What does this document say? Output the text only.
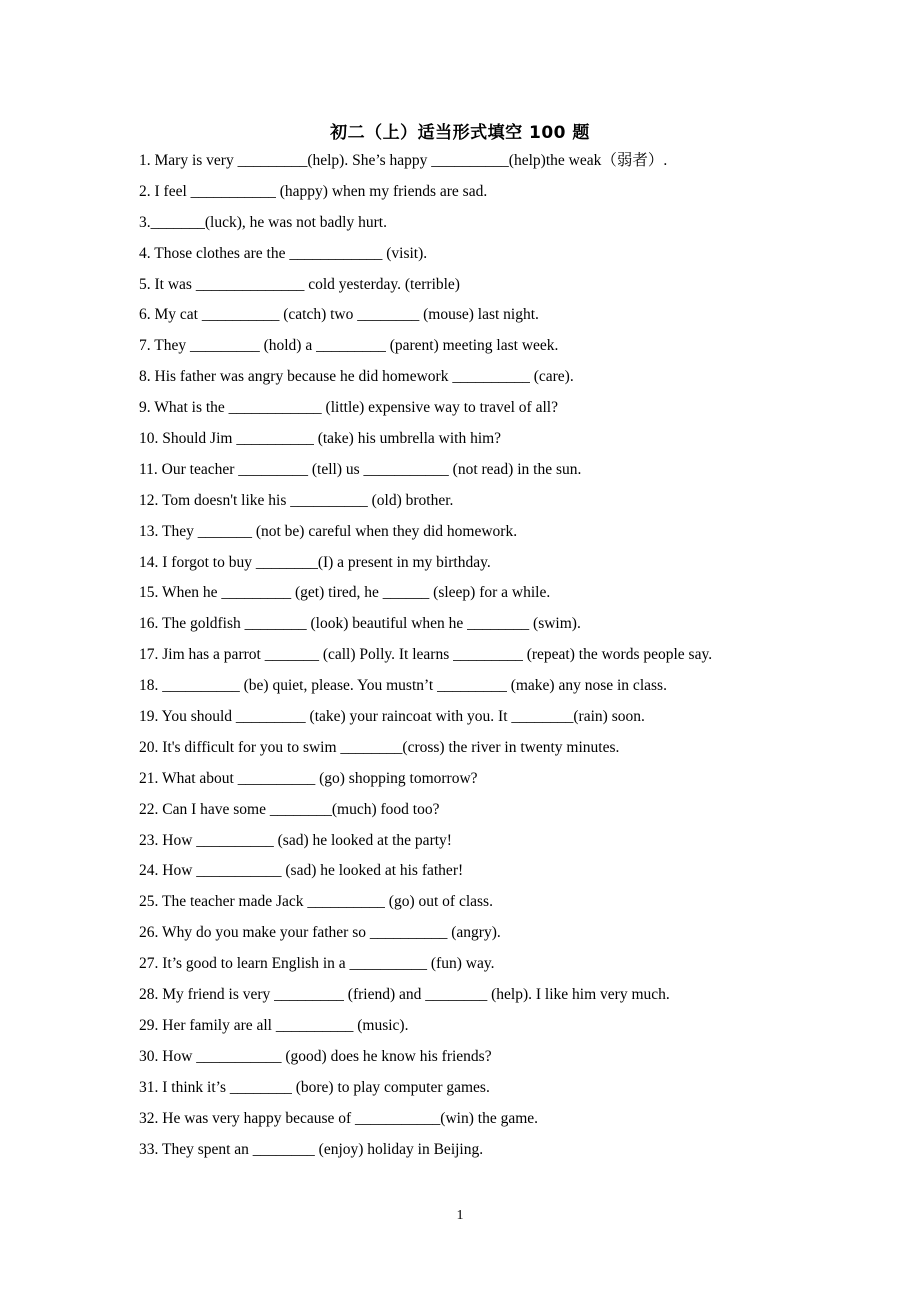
初二（上）适当形式填空 100 题
1. Mary is very _________(help). She’s happy __________(help)the weak（弱者）.
2. I feel ___________ (happy) when my friends are sad.
3._______(luck), he was not badly hurt.
4. Those clothes are the ____________ (visit).
5. It was ______________ cold yesterday. (terrible)
6. My cat __________ (catch) two ________ (mouse) last night.
7. They _________ (hold) a _________ (parent) meeting last week.
8. His father was angry because he did homework __________ (care).
9. What is the ____________ (little) expensive way to travel of all?
10. Should Jim __________ (take) his umbrella with him?
11. Our teacher _________ (tell) us ___________ (not read) in the sun.
12. Tom doesn't like his __________ (old) brother.
13. They _______ (not be) careful when they did homework.
14. I forgot to buy ________(I) a present in my birthday.
15. When he _________ (get) tired, he ______ (sleep) for a while.
16. The goldfish ________ (look) beautiful when he ________ (swim).
17. Jim has a parrot _______ (call) Polly. It learns _________ (repeat) the words people say.
18. __________ (be) quiet, please. You mustn’t _________ (make) any nose in class.
19. You should _________ (take) your raincoat with you. It ________(rain) soon.
20. It's difficult for you to swim ________(cross) the river in twenty minutes.
21. What about __________ (go) shopping tomorrow?
22. Can I have some ________(much) food too?
23. How __________ (sad) he looked at the party!
24. How ___________ (sad) he looked at his father!
25. The teacher made Jack __________ (go) out of class.
26. Why do you make your father so __________ (angry).
27. It’s good to learn English in a __________ (fun) way.
28. My friend is very _________ (friend) and ________ (help). I like him very much.
29. Her family are all __________ (music).
30. How ___________ (good) does he know his friends?
31. I think it’s ________ (bore) to play computer games.
32. He was very happy because of ___________(win) the game.
33. They spent an ________ (enjoy) holiday in Beijing.
1
